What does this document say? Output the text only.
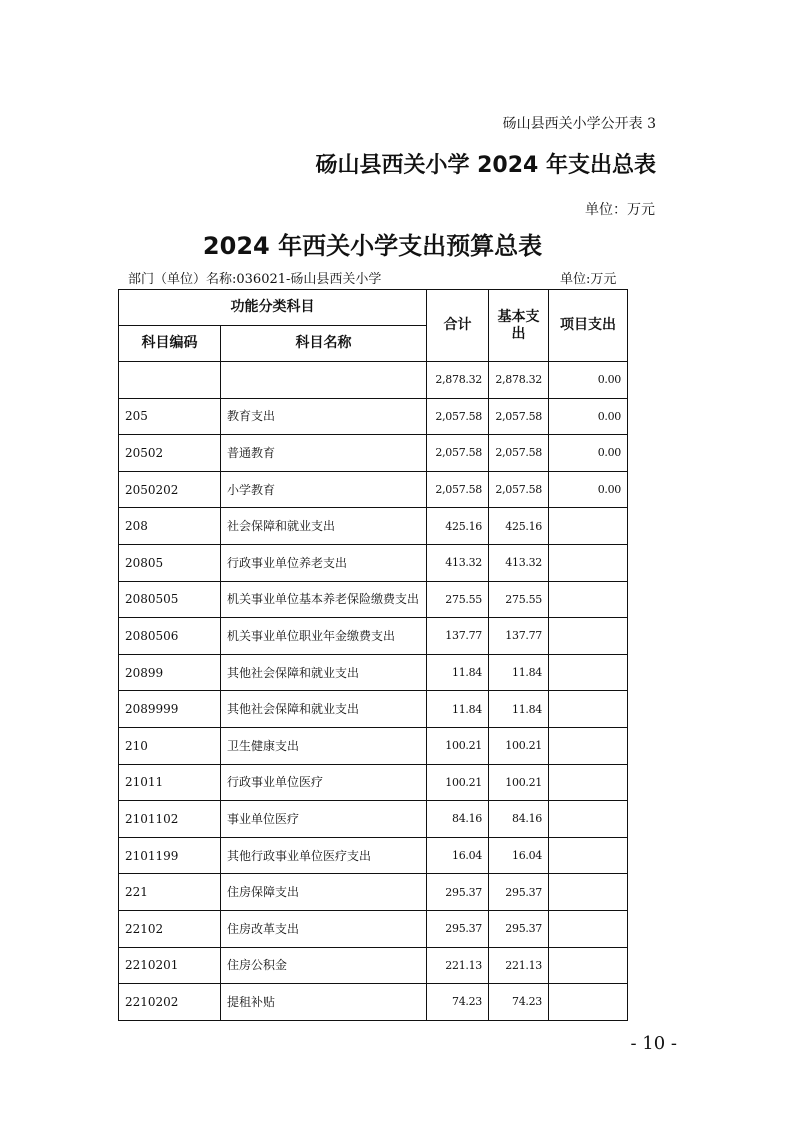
砀山县西关小学公开表 3
砀山县西关小学 2024 年支出总表
单位：万元
2024 年西关小学支出预算总表
部门（单位）名称:036021-砀山县西关小学	单位:万元
功能分类科目		合计	基本支出	项目支出
科目编码	科目名称			
		2,878.32	2,878.32	0.00
205	教育支出	2,057.58	2,057.58	0.00
20502	普通教育	2,057.58	2,057.58	0.00
2050202	小学教育	2,057.58	2,057.58	0.00
208	社会保障和就业支出	425.16	425.16	
20805	行政事业单位养老支出	413.32	413.32	
2080505	机关事业单位基本养老保险缴费支出	275.55	275.55	
2080506	机关事业单位职业年金缴费支出	137.77	137.77	
20899	其他社会保障和就业支出	11.84	11.84	
2089999	其他社会保障和就业支出	11.84	11.84	
210	卫生健康支出	100.21	100.21	
21011	行政事业单位医疗	100.21	100.21	
2101102	事业单位医疗	84.16	84.16	
2101199	其他行政事业单位医疗支出	16.04	16.04	
221	住房保障支出	295.37	295.37	
22102	住房改革支出	295.37	295.37	
2210201	住房公积金	221.13	221.13	
2210202	提租补贴	74.23	74.23	
- 10 -
